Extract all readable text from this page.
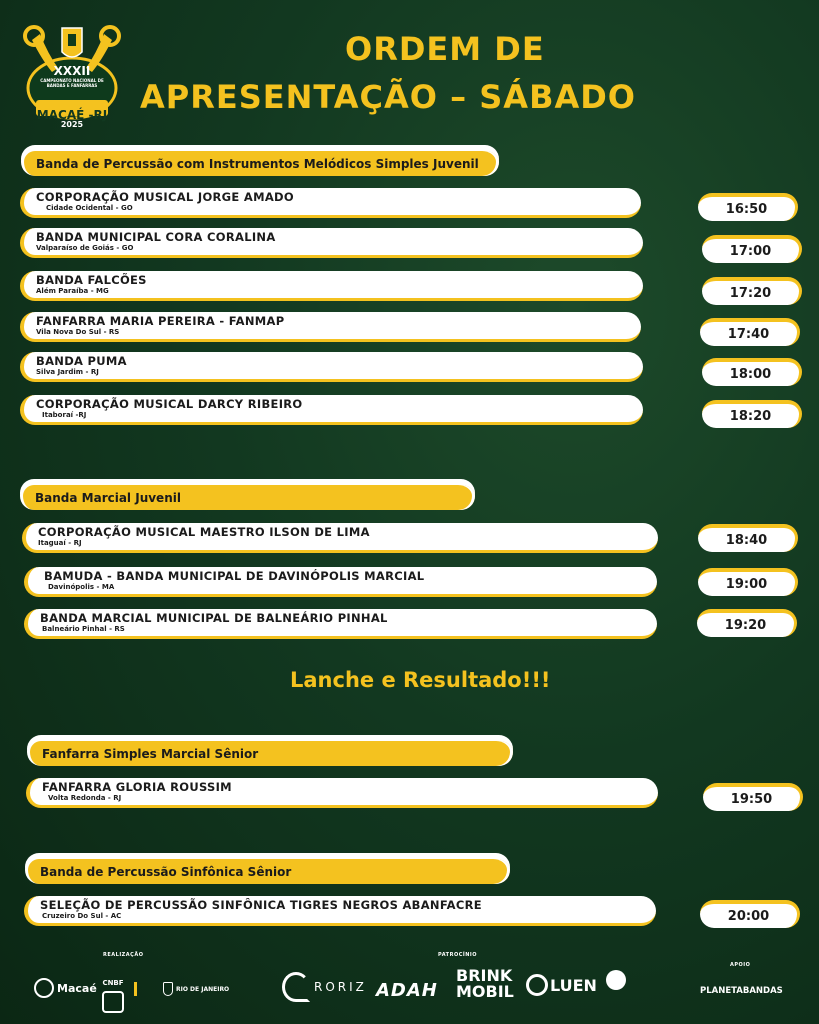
XXXII
CAMPEONATO NACIONAL DE BANDAS E FANFARRAS
MACAÉ -RJ
2025
ORDEM DE
APRESENTAÇÃO – SÁBADO
Banda de Percussão com Instrumentos Melódicos Simples Juvenil
CORPORAÇÃO MUSICAL JORGE AMADO
Cidade Ocidental - GO	16:50
BANDA MUNICIPAL CORA CORALINA
Valparaíso de Goiás - GO	17:00
BANDA FALCÕES
Além Paraíba - MG	17:20
FANFARRA MARIA PEREIRA - FANMAP
Vila Nova Do Sul - RS	17:40
BANDA PUMA
Silva Jardim - RJ	18:00
CORPORAÇÃO MUSICAL DARCY RIBEIRO
Itaboraí -RJ	18:20
Banda Marcial Juvenil
CORPORAÇÃO MUSICAL MAESTRO ILSON DE LIMA
Itaguaí - RJ	18:40
BAMUDA - BANDA MUNICIPAL DE DAVINÓPOLIS MARCIAL
Davinópolis - MA	19:00
BANDA MARCIAL MUNICIPAL DE BALNEÁRIO PINHAL
Balneário Pinhal - RS	19:20
Lanche e Resultado!!!
Fanfarra Simples Marcial Sênior
FANFARRA GLORIA ROUSSIM
Volta Redonda - RJ	19:50
Banda de Percussão Sinfônica Sênior
SELEÇÃO DE PERCUSSÃO SINFÔNICA TIGRES NEGROS ABANFACRE
Cruzeiro Do Sul - AC	20:00
REALIZAÇÃO	PATROCÍNIO
APOIO
Macaé CNBF
RIO DE JANEIRO	RORIZ ADAH
BRINK MOBIL	LUEN	PLANETABANDAS
